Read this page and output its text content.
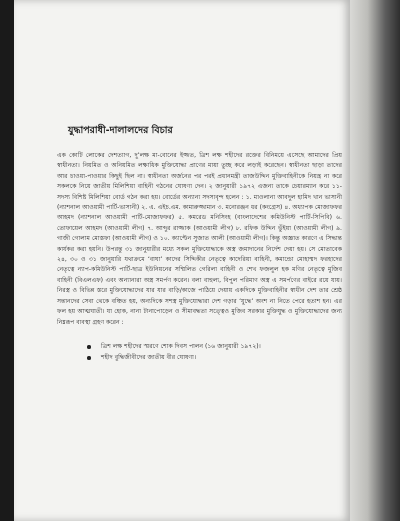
যুদ্ধাপরাধী-দালালদের বিচার

এক কোটি লোকের দেশত্যাগ, দু’লক্ষ মা-বোনের ইজ্জত, ত্রিশ লক্ষ শহীদের রক্তের বিনিময়ে এসেছে আমাদের প্রিয় স্বাধীনতা। নিয়মিত ও অনিয়মিত লক্ষাধিক মুক্তিযোদ্ধা প্রাণের মায়া তুচ্ছ করে লড়াই করেছেন। স্বাধীনতা ছাড়া তাদের আর চাওয়া-পাওয়ার কিছুই ছিল না। স্বাধীনতা অর্জনের পর পরই প্রধানমন্ত্রী তাজউদ্দিন মুক্তিবাহিনীকে নিয়ন্ত্র না করে সকলকে নিয়ে জাতীয় মিলিশিয়া বাহিনী গঠনের ঘোষণা দেন। ২ জানুয়ারী ১৯৭২ এজন্য তাকে চেয়ারম্যান করে ১১-সদস্য বিশিষ্ট মিলিশিয়া বোর্ড গঠন করা হয়। বোর্ডের অন্যান্য সদস্যবৃন্দ হলেন : ১. মাওলানা আবদুল হামিদ খান ভাসানী (ন্যাশনাল আওয়ামী পার্টি-ভাসানী) ২. এ. এইচ.এম. কামারুজ্জামান ৩. মনোরঞ্জন ধর (কংগ্রেস) ৪. অধ্যাপক মোজাফফর আহমদ (ন্যাশনাল আওয়ামী পার্টি-মোজাফফর) ৫. কমরেড মনিসিংহ (বাংলাদেশের কমিউনিস্ট পার্টি-সিপিবি) ৬. তোফায়েল আহমদ (আওয়ামী লীগ) ৭. আব্দুর রাজ্জাক (আওয়ামী লীগ) ৮. রফিক উদ্দিন ভুঁইয়া (আওয়ামী লীগ) ৯. গাজী গোলাম মোস্তফা (আওয়ামী লীগ) ও ১০. ক্যাপ্টেন সুজাত আলী (আওয়ামী লীগ)। কিন্তু অজ্ঞাত কারণে এ সিদ্ধান্ত কার্যকর করা হয়নি। উপরন্তু ৩১ জানুয়ারীর মধ্যে সকল মুক্তিযোদ্ধাকে অস্ত্র জমাদানের নির্দেশ দেয়া হয়। সে মোতাবেক ২৪, ৩০ ও ৩১ জানুয়ারি যথাক্রমে ‘বাঘা’ কাদের সিদ্দিকীর নেতৃত্বে কাদেরিয়া বাহিনী, কমান্ডো মোহাম্মদ ফরহাদের নেতৃত্বে ন্যাপ-কমিউনিস্ট পার্টি-ছাত্র ইউনিয়নের সম্মিলিত গেরিলা বাহিনী ও শেখ ফজলুল হক মণির নেতৃত্বে মুজিব বাহিনী (বিএলএফ) এবং অন্যান্যরা অস্ত্র সমর্পণ করেন। বলা বাহুল্য, বিপুল পরিমাণ অস্ত্র এ সমর্পণের বাইরে রয়ে যায়। নিরস্ত্র ও বিভিন্ন স্তরে মুক্তিযোদ্ধাদের যার যার বাড়ি/কাজে পাঠিয়ে দেয়ায় একদিকে মুক্তিবাহিনীর স্বাধীন দেশ তার শ্রেষ্ঠ সন্তানদের সেবা থেকে বঞ্চিত হয়, অন্যদিকে সশস্ত্র মুক্তিযোদ্ধারা দেশ গড়ার ‘যুদ্ধে’ অংশ না নিতে পেরে হতাশ হন। এর ফল হয় আত্মঘাতী। যা হোক, নানা টানাপোড়েন ও সীমাবদ্ধতা সত্ত্বেও মুজিব সরকার মুক্তিযুদ্ধ ও মুক্তিযোদ্ধাদের জন্য নিম্নরূপ ব্যবস্থা গ্রহণ করেন :

ত্রিশ লক্ষ শহীদের স্মরণে শোক দিবস পালন (১৬ জানুয়ারী ১৯৭২)।
শহীদ বুদ্ধিজীবীদের জাতীয় বীর ঘোষণা।
